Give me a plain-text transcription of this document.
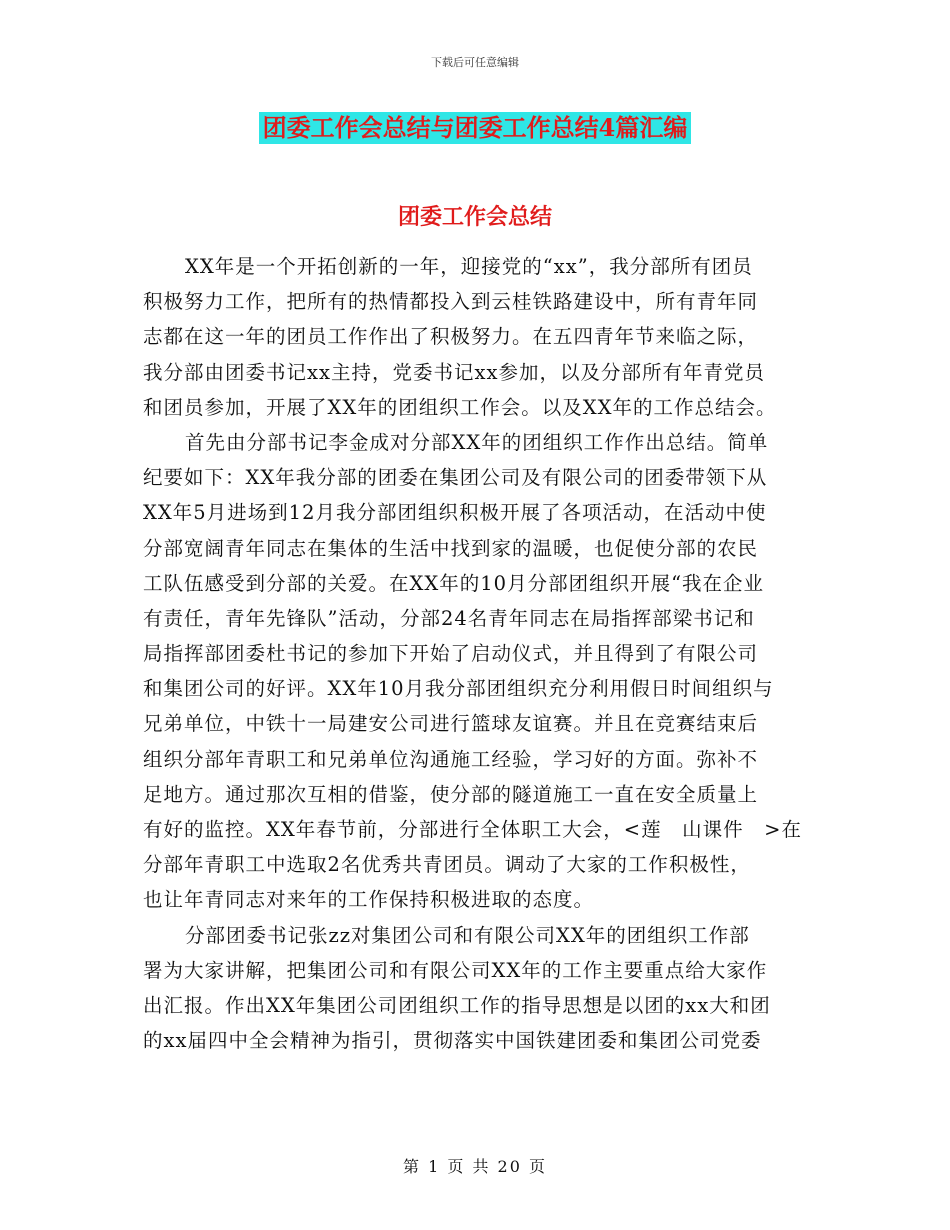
下载后可任意编辑
团委工作会总结与团委工作总结4篇汇编
团委工作会总结
XX年是一个开拓创新的一年，迎接党的“xx”，我分部所有团员
积极努力工作，把所有的热情都投入到云桂铁路建设中，所有青年同
志都在这一年的团员工作作出了积极努力。在五四青年节来临之际，
我分部由团委书记xx主持，党委书记xx参加，以及分部所有年青党员
和团员参加，开展了XX年的团组织工作会。以及XX年的工作总结会。
首先由分部书记李金成对分部XX年的团组织工作作出总结。简单
纪要如下：XX年我分部的团委在集团公司及有限公司的团委带领下从
XX年5月进场到12月我分部团组织积极开展了各项活动，在活动中使
分部宽阔青年同志在集体的生活中找到家的温暖，也促使分部的农民
工队伍感受到分部的关爱。在XX年的10月分部团组织开展“我在企业
有责任，青年先锋队”活动，分部24名青年同志在局指挥部梁书记和
局指挥部团委杜书记的参加下开始了启动仪式，并且得到了有限公司
和集团公司的好评。XX年10月我分部团组织充分利用假日时间组织与
兄弟单位，中铁十一局建安公司进行篮球友谊赛。并且在竞赛结束后
组织分部年青职工和兄弟单位沟通施工经验，学习好的方面。弥补不
足地方。通过那次互相的借鉴，使分部的隧道施工一直在安全质量上
有好的监控。XX年春节前，分部进行全体职工大会，<莲　山课件　>在
分部年青职工中选取2名优秀共青团员。调动了大家的工作积极性，
也让年青同志对来年的工作保持积极进取的态度。
分部团委书记张zz对集团公司和有限公司XX年的团组织工作部
署为大家讲解，把集团公司和有限公司XX年的工作主要重点给大家作
出汇报。作出XX年集团公司团组织工作的指导思想是以团的xx大和团
的xx届四中全会精神为指引，贯彻落实中国铁建团委和集团公司党委
第 1 页 共 20 页
